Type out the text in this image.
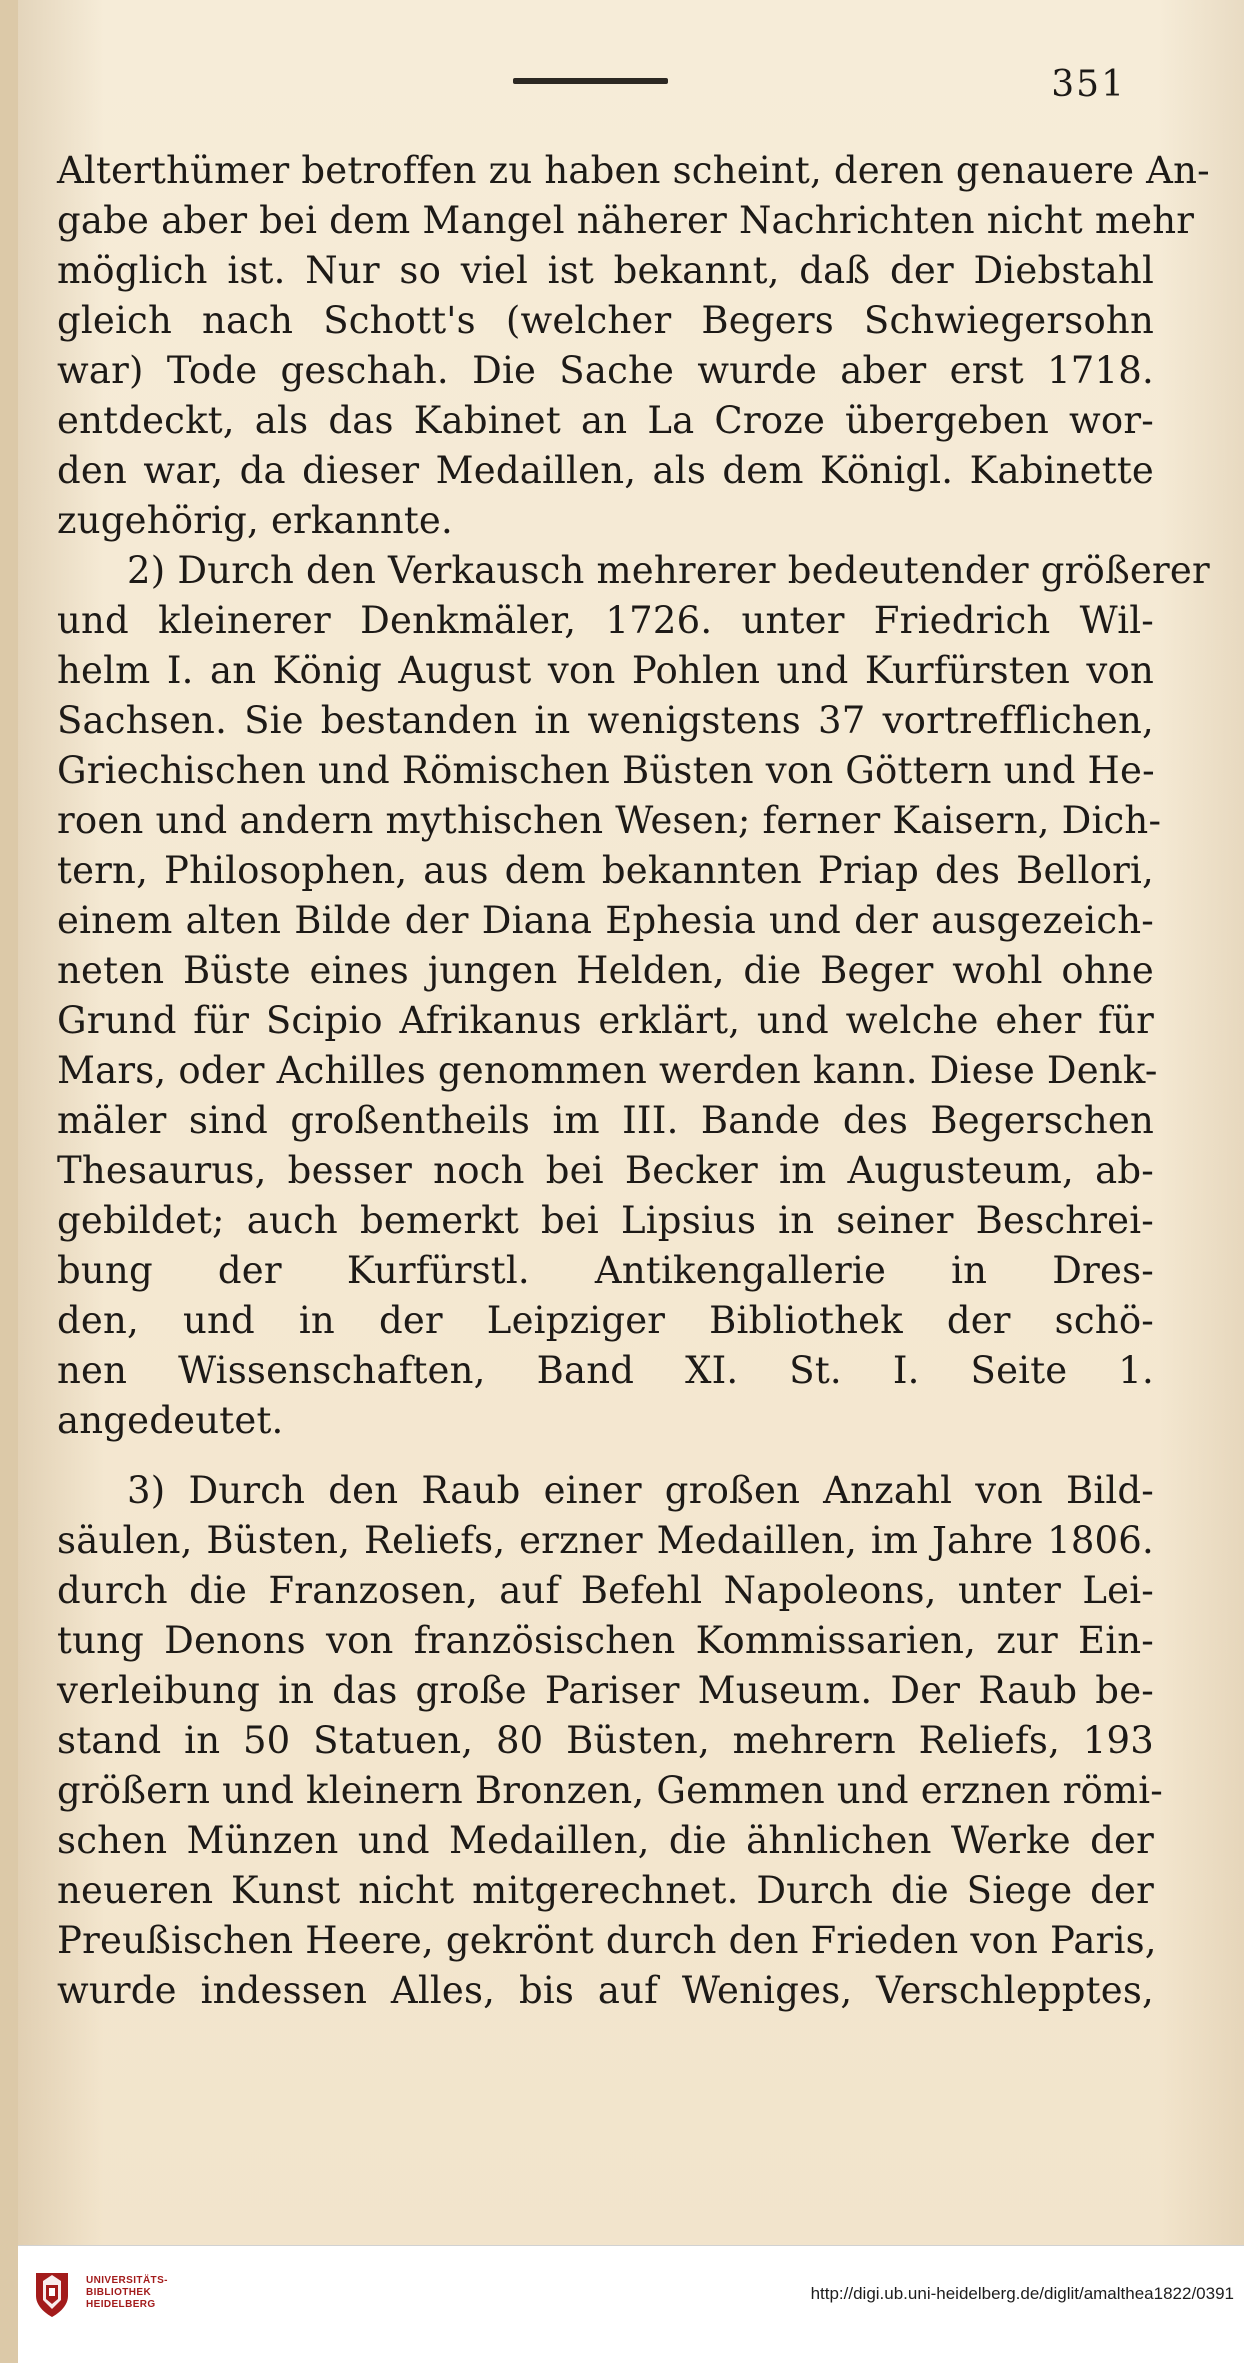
351
Alterthümer betroffen zu haben scheint, deren genauere An-
gabe aber bei dem Mangel näherer Nachrichten nicht mehr
möglich ist. Nur so viel ist bekannt, daß der Diebstahl
gleich nach Schott's (welcher Begers Schwiegersohn
war) Tode geschah. Die Sache wurde aber erst 1718.
entdeckt, als das Kabinet an La Croze übergeben wor-
den war, da dieser Medaillen, als dem Königl. Kabinette
zugehörig, erkannte.
2) Durch den Verkausch mehrerer bedeutender größerer
und kleinerer Denkmäler, 1726. unter Friedrich Wil-
helm I. an König August von Pohlen und Kurfürsten von
Sachsen. Sie bestanden in wenigstens 37 vortrefflichen,
Griechischen und Römischen Büsten von Göttern und He-
roen und andern mythischen Wesen; ferner Kaisern, Dich-
tern, Philosophen, aus dem bekannten Priap des Bellori,
einem alten Bilde der Diana Ephesia und der ausgezeich-
neten Büste eines jungen Helden, die Beger wohl ohne
Grund für Scipio Afrikanus erklärt, und welche eher für
Mars, oder Achilles genommen werden kann. Diese Denk-
mäler sind großentheils im III. Bande des Begerschen
Thesaurus, besser noch bei Becker im Augusteum, ab-
gebildet; auch bemerkt bei Lipsius in seiner Beschrei-
bung der Kurfürstl. Antikengallerie in Dres-
den, und in der Leipziger Bibliothek der schö-
nen Wissenschaften, Band XI. St. I. Seite 1.
angedeutet.
3) Durch den Raub einer großen Anzahl von Bild-
säulen, Büsten, Reliefs, erzner Medaillen, im Jahre 1806.
durch die Franzosen, auf Befehl Napoleons, unter Lei-
tung Denons von französischen Kommissarien, zur Ein-
verleibung in das große Pariser Museum. Der Raub be-
stand in 50 Statuen, 80 Büsten, mehrern Reliefs, 193
größern und kleinern Bronzen, Gemmen und erznen römi-
schen Münzen und Medaillen, die ähnlichen Werke der
neueren Kunst nicht mitgerechnet. Durch die Siege der
Preußischen Heere, gekrönt durch den Frieden von Paris,
wurde indessen Alles, bis auf Weniges, Verschlepptes,
UNIVERSITÄTS-
BIBLIOTHEK
HEIDELBERG
http://digi.ub.uni-heidelberg.de/diglit/amalthea1822/0391
